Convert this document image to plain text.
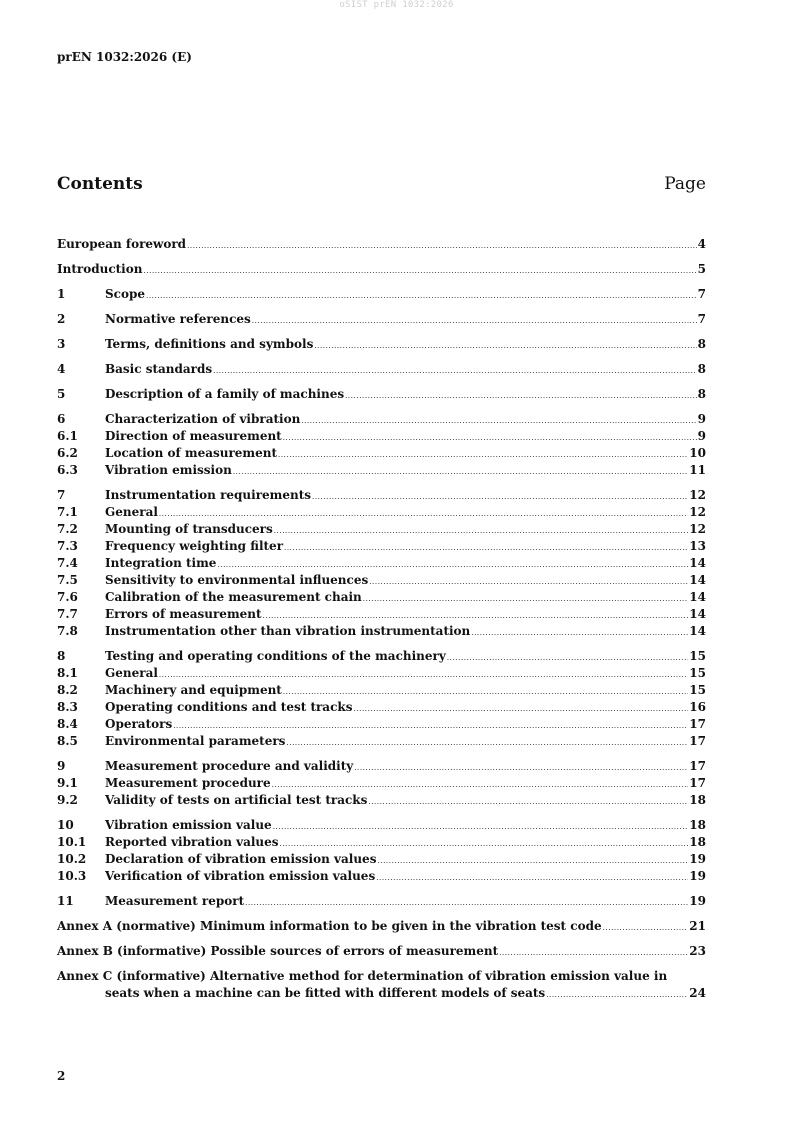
oSIST prEN 1032:2026
prEN 1032:2026 (E)
Contents	Page
European foreword .....	4
Introduction .....	5
1	Scope .....	7
2	Normative references .....	7
3	Terms, definitions and symbols .....	8
4	Basic standards .....	8
5	Description of a family of machines .....	8
6	Characterization of vibration .....	9
6.1	Direction of measurement .....	9
6.2	Location of measurement .....	10
6.3	Vibration emission .....	11
7	Instrumentation requirements .....	12
7.1	General .....	12
7.2	Mounting of transducers .....	12
7.3	Frequency weighting filter .....	13
7.4	Integration time .....	14
7.5	Sensitivity to environmental influences .....	14
7.6	Calibration of the measurement chain .....	14
7.7	Errors of measurement .....	14
7.8	Instrumentation other than vibration instrumentation .....	14
8	Testing and operating conditions of the machinery .....	15
8.1	General .....	15
8.2	Machinery and equipment .....	15
8.3	Operating conditions and test tracks .....	16
8.4	Operators .....	17
8.5	Environmental parameters .....	17
9	Measurement procedure and validity .....	17
9.1	Measurement procedure .....	17
9.2	Validity of tests on artificial test tracks .....	18
10	Vibration emission value .....	18
10.1	Reported vibration values .....	18
10.2	Declaration of vibration emission values .....	19
10.3	Verification of vibration emission values .....	19
11	Measurement report .....	19
Annex A (normative) Minimum information to be given in the vibration test code .....	21
Annex B (informative) Possible sources of errors of measurement .....	23
Annex C (informative) Alternative method for determination of vibration emission value in
seats when a machine can be fitted with different models of seats .....	24
2
